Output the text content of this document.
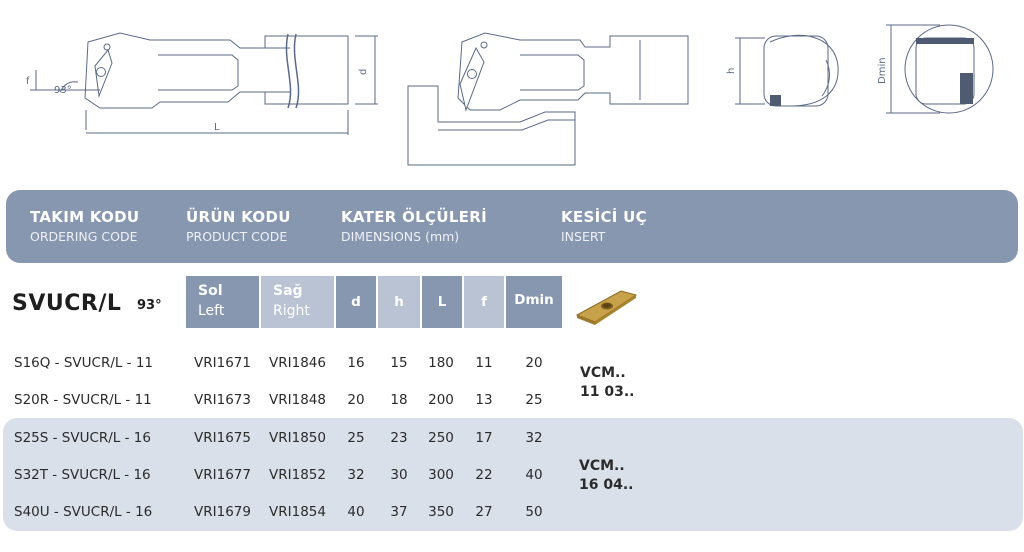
f
93°
L
d	h	Dmin
TAKIM KODU
ORDERING CODE
ÜRÜN KODU
PRODUCT CODE
KATER ÖLÇÜLERİ
DIMENSIONS (mm)
KESİCİ UÇ
INSERT
SVUCR/L 93°
Sol
Left
Sağ
Right
d	h	L	f	Dmin
S16Q - SVUCR/L - 11	VRI1671	VRI1846	16	15	180	11	20
S20R - SVUCR/L - 11	VRI1673	VRI1848	20	18	200	13	25
S25S - SVUCR/L - 16	VRI1675	VRI1850	25	23	250	17	32
S32T - SVUCR/L - 16	VRI1677	VRI1852	32	30	300	22	40
S40U - SVUCR/L - 16	VRI1679	VRI1854	40	37	350	27	50
VCM..
11 03..
VCM..
16 04..
